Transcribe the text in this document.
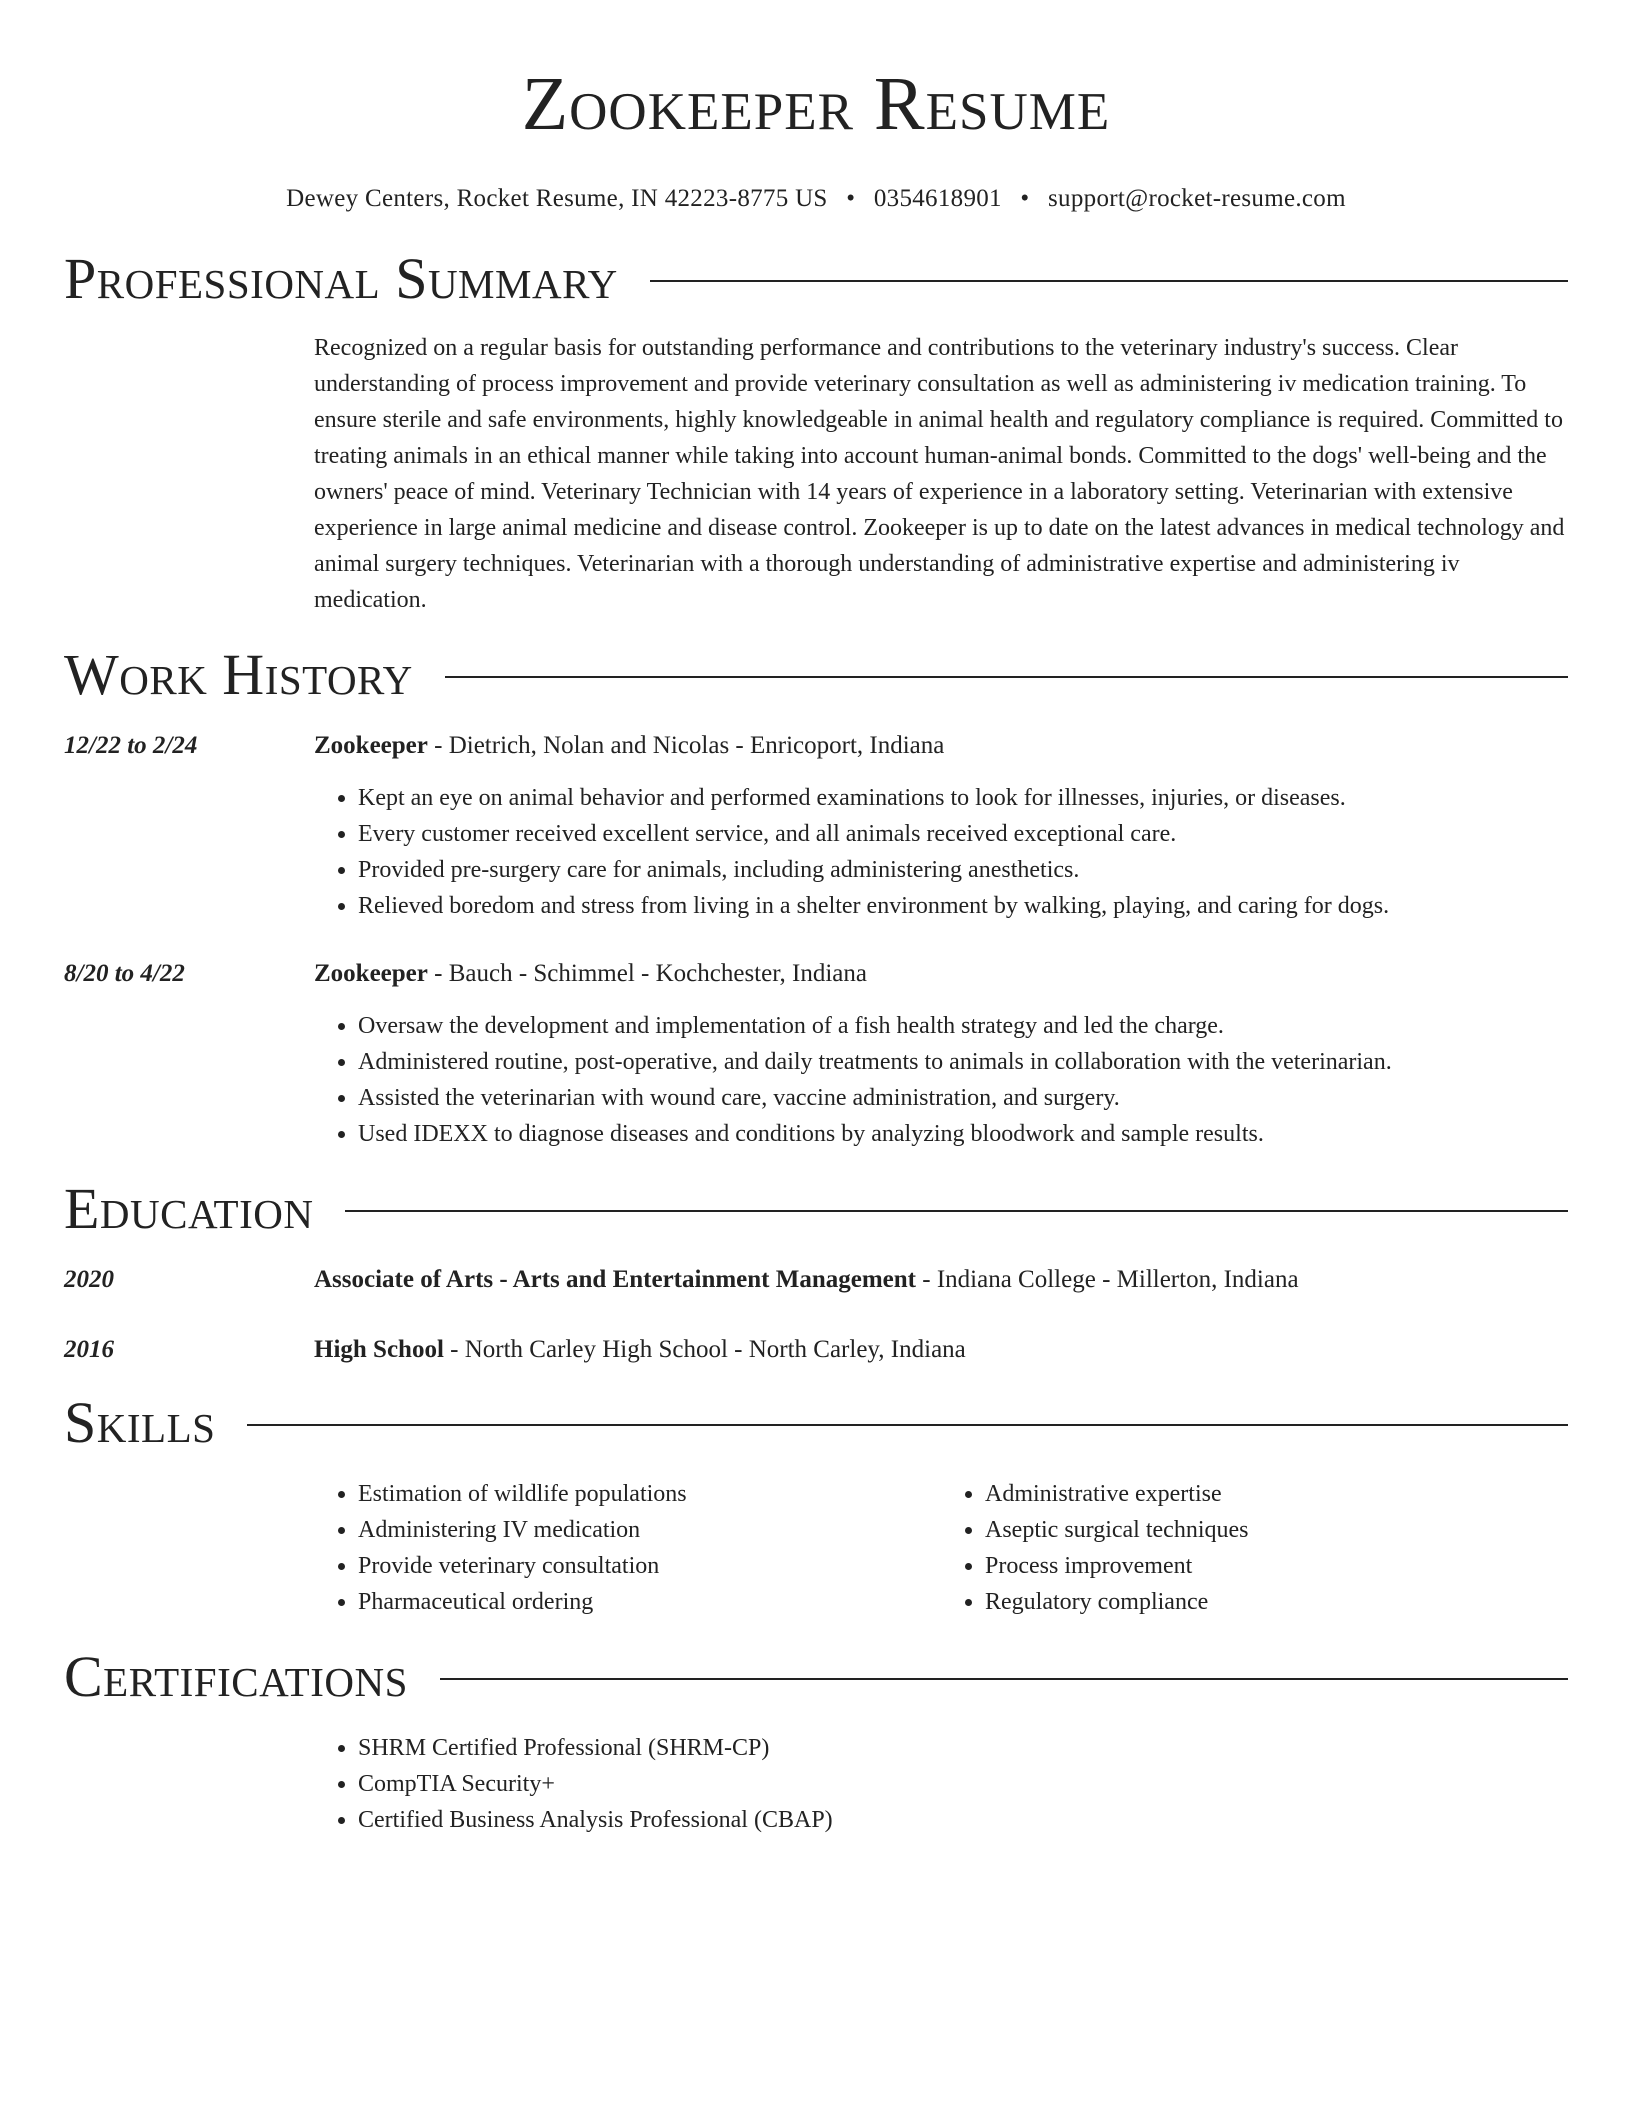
Zookeeper Resume
Dewey Centers, Rocket Resume, IN 42223-8775 US • 0354618901 • support@rocket-resume.com
Professional Summary
Recognized on a regular basis for outstanding performance and contributions to the veterinary industry's success. Clear understanding of process improvement and provide veterinary consultation as well as administering iv medication training. To ensure sterile and safe environments, highly knowledgeable in animal health and regulatory compliance is required. Committed to treating animals in an ethical manner while taking into account human-animal bonds. Committed to the dogs' well-being and the owners' peace of mind. Veterinary Technician with 14 years of experience in a laboratory setting. Veterinarian with extensive experience in large animal medicine and disease control. Zookeeper is up to date on the latest advances in medical technology and animal surgery techniques. Veterinarian with a thorough understanding of administrative expertise and administering iv medication.
Work History
12/22 to 2/24	Zookeeper - Dietrich, Nolan and Nicolas - Enricoport, Indiana
• Kept an eye on animal behavior and performed examinations to look for illnesses, injuries, or diseases.
• Every customer received excellent service, and all animals received exceptional care.
• Provided pre-surgery care for animals, including administering anesthetics.
• Relieved boredom and stress from living in a shelter environment by walking, playing, and caring for dogs.
8/20 to 4/22	Zookeeper - Bauch - Schimmel - Kochchester, Indiana
• Oversaw the development and implementation of a fish health strategy and led the charge.
• Administered routine, post-operative, and daily treatments to animals in collaboration with the veterinarian.
• Assisted the veterinarian with wound care, vaccine administration, and surgery.
• Used IDEXX to diagnose diseases and conditions by analyzing bloodwork and sample results.
Education
2020	Associate of Arts - Arts and Entertainment Management - Indiana College - Millerton, Indiana
2016	High School - North Carley High School - North Carley, Indiana
Skills
• Estimation of wildlife populations
• Administering IV medication
• Provide veterinary consultation
• Pharmaceutical ordering
• Administrative expertise
• Aseptic surgical techniques
• Process improvement
• Regulatory compliance
Certifications
• SHRM Certified Professional (SHRM-CP)
• CompTIA Security+
• Certified Business Analysis Professional (CBAP)
